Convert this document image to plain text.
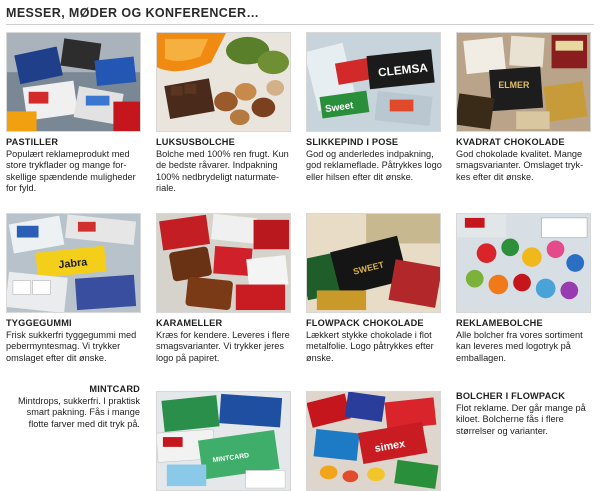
MESSER, MØDER OG KONFERENCER…
CLEMSA
Sweet
ELMER
PASTILLER
Populært reklameprodukt med store trykflader og mange for- skellige spændende muligheder for fyld.
LUKSUSBOLCHE
Bolche med 100% ren frugt. Kun de bedste råvarer. Indpakning 100% nedbrydeligt naturmate- riale.
SLIKKEPIND I POSE
God og anderledes indpakning, god reklameflade. Påtrykkes logo eller hilsen efter dit ønske.
KVADRAT CHOKOLADE
God chokolade kvalitet. Mange smagsvarianter. Omslaget tryk- kes efter dit ønske.
Jabra	SWEET
TYGGEGUMMI
Frisk sukkerfri tyggegummi med pebermyntesmag. Vi trykker omslaget efter dit ønske.
KARAMELLER
Kræs for kendere. Leveres i flere smagsvarianter. Vi trykker jeres logo på papiret.
FLOWPACK CHOKOLADE
Lækkert stykke chokolade i flot metalfolie. Logo påtrykkes efter ønske.
REKLAMEBOLCHE
Alle bolcher fra vores sortiment kan leveres med logotryk på emballagen.
MINTCARD
Mintdrops, sukkerfri. I praktisk smart pakning. Fås i mange flotte farver med dit tryk på.
MINTCARD
simex
BOLCHER I FLOWPACK
Flot reklame. Der går mange på kiloet. Bolcherne fås i flere størrelser og varianter.
